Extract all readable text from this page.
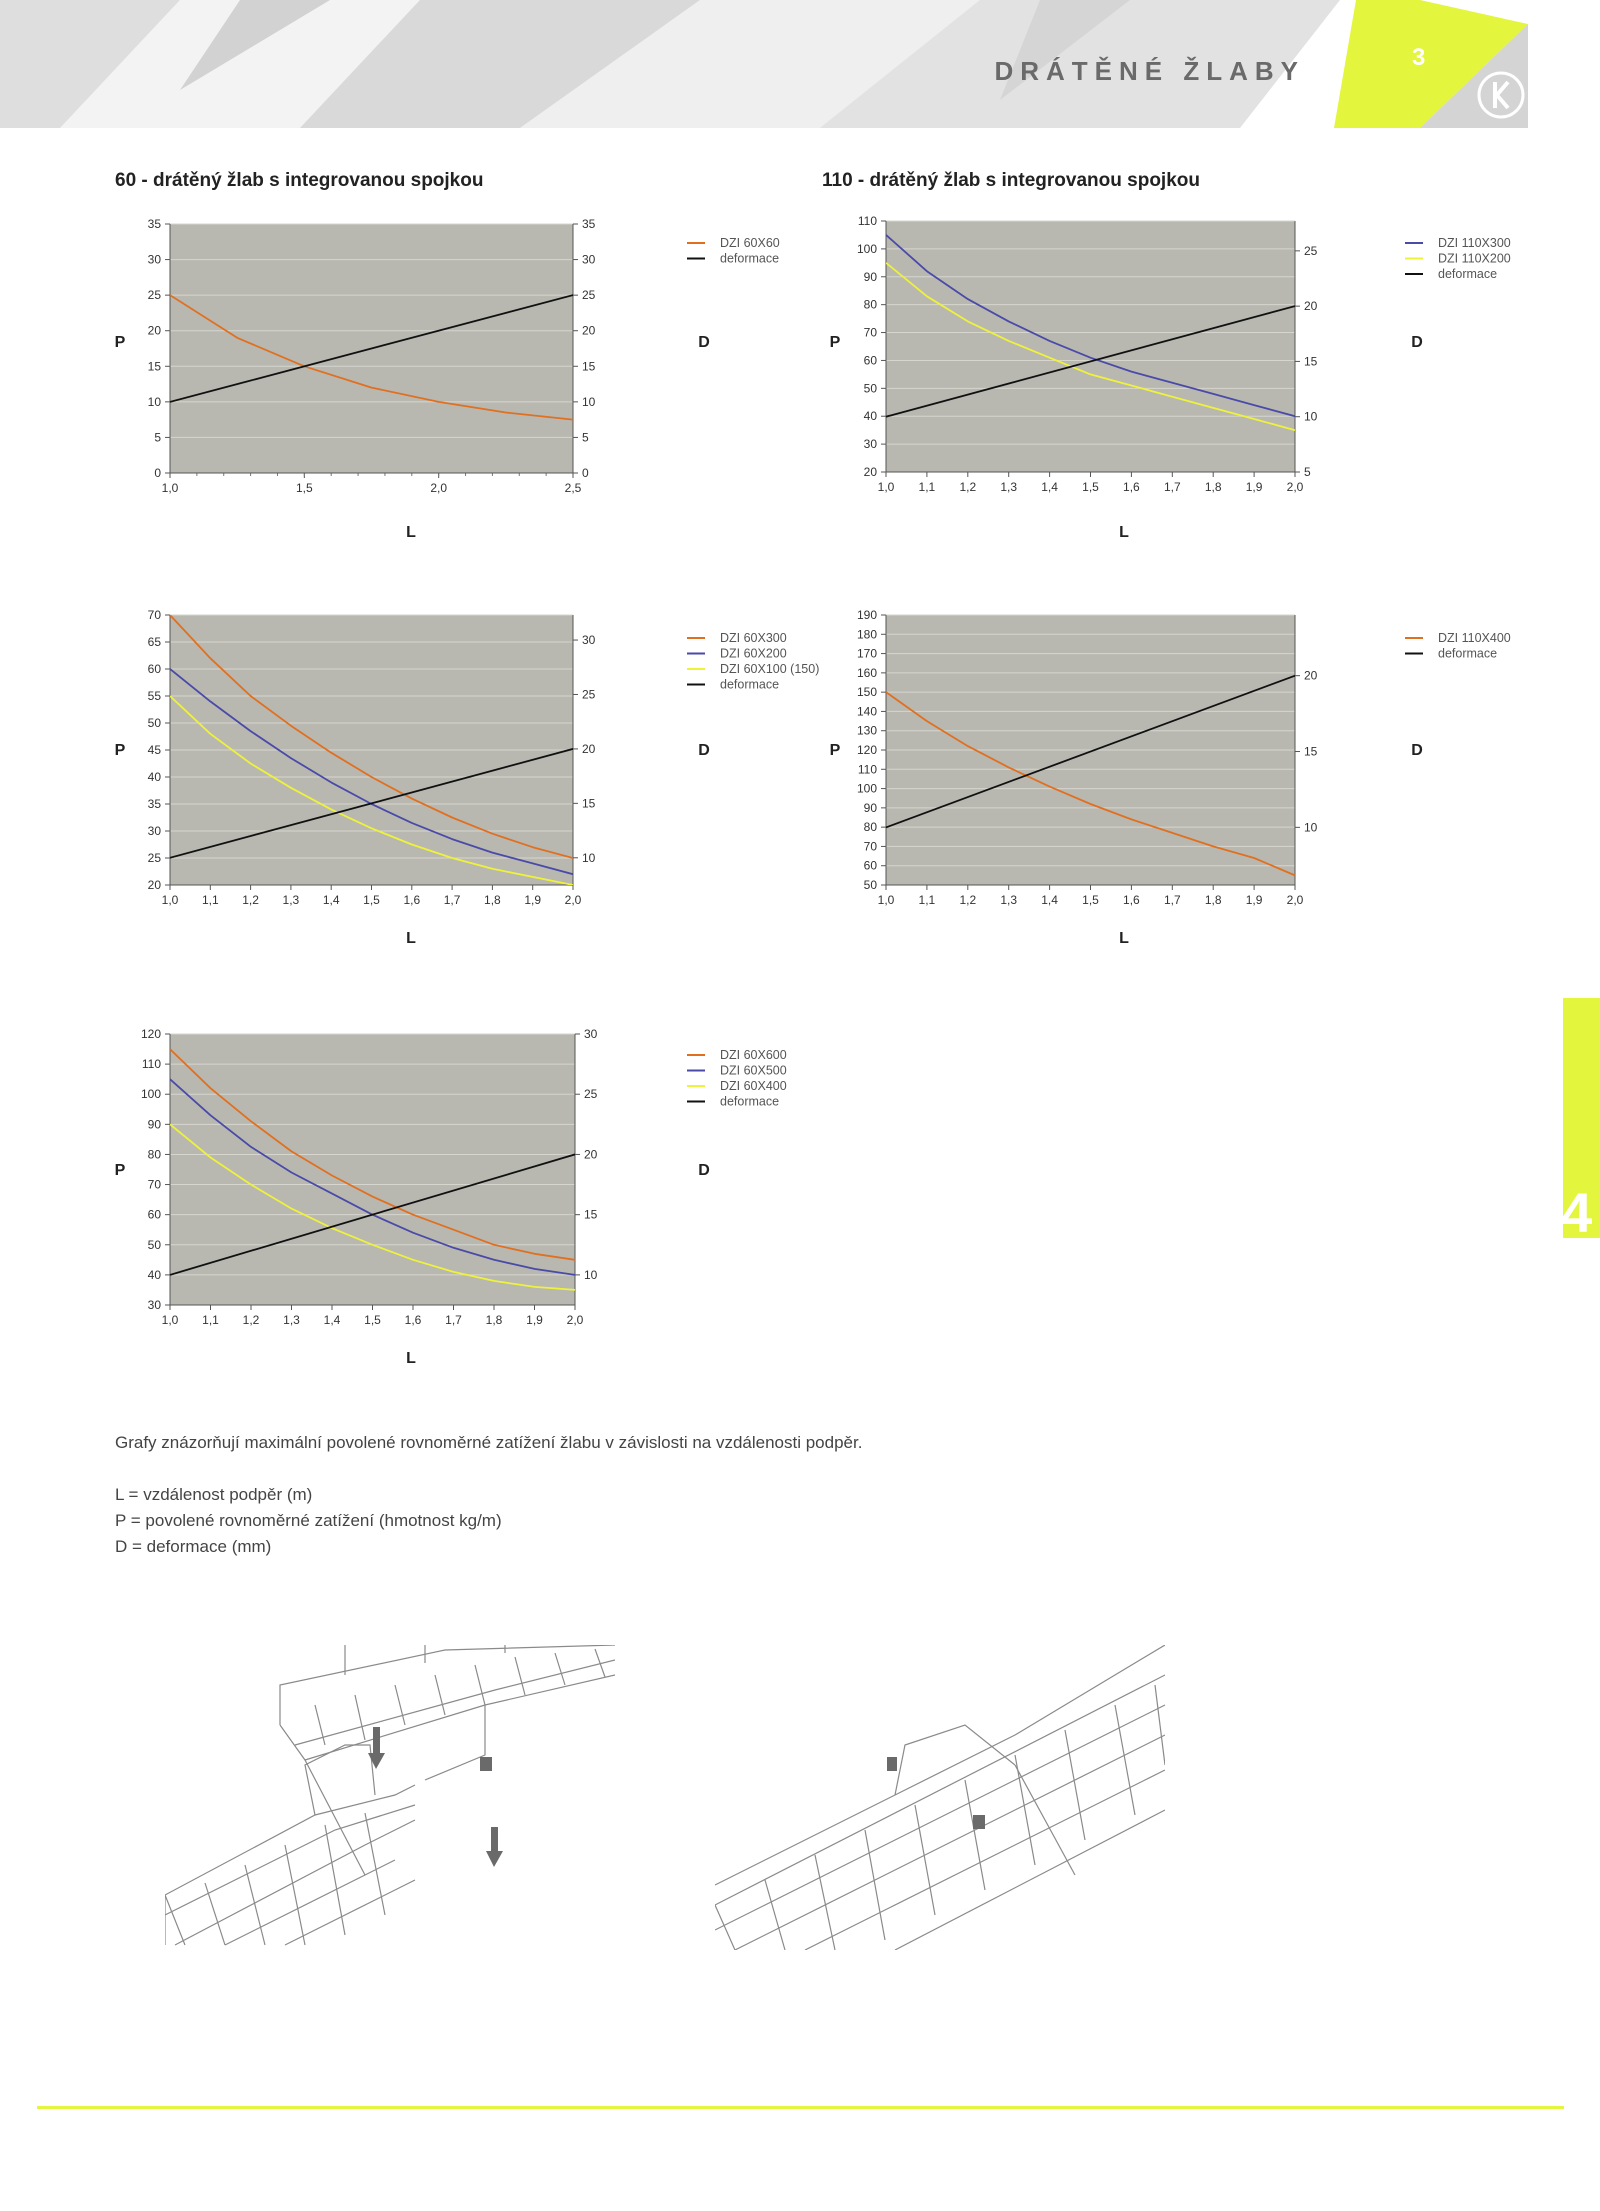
DRÁTĚNÉ ŽLABY	3
60 - drátěný žlab s integrovanou spojkou	110 - drátěný žlab s integrovanou spojkou
0
5
10
15
20
25
30
35
0
5
10
15
20
25
30
35
1,0	1,5	2,0	2,5
DZI 60X60
deformace
P	D
L
20
30
40
50
60
70
80
90
100
110
5
10
15
20
25
1,0 1,1 1,2 1,3 1,4 1,5 1,6 1,7 1,8 1,9 2,0
DZI 110X300
DZI 110X200
deformace
P	D
L
20
25
30
35
40
45
50
55
60
65
70
10
15
20
25
30
1,0 1,1 1,2 1,3 1,4 1,5 1,6 1,7 1,8 1,9 2,0
DZI 60X300
DZI 60X200
DZI 60X100 (150)
deformace
P	D
L
50
60
70
80
90
100
110
120
130
140
150
160
170
180
190
10
15
20
1,0 1,1 1,2 1,3 1,4 1,5 1,6 1,7 1,8 1,9 2,0
DZI 110X400
deformace
P	D
L
30
40
50
60
70
80
90
100
110
120
10
15
20
25
30
1,0 1,1 1,2 1,3 1,4 1,5 1,6 1,7 1,8 1,9 2,0
DZI 60X600
DZI 60X500
DZI 60X400
deformace
P	D
L
4
Grafy znázorňují maximální povolené rovnoměrné zatížení žlabu v závislosti na vzdálenosti podpěr.
L = vzdálenost podpěr (m)
P = povolené rovnoměrné zatížení (hmotnost kg/m)
D = deformace (mm)
